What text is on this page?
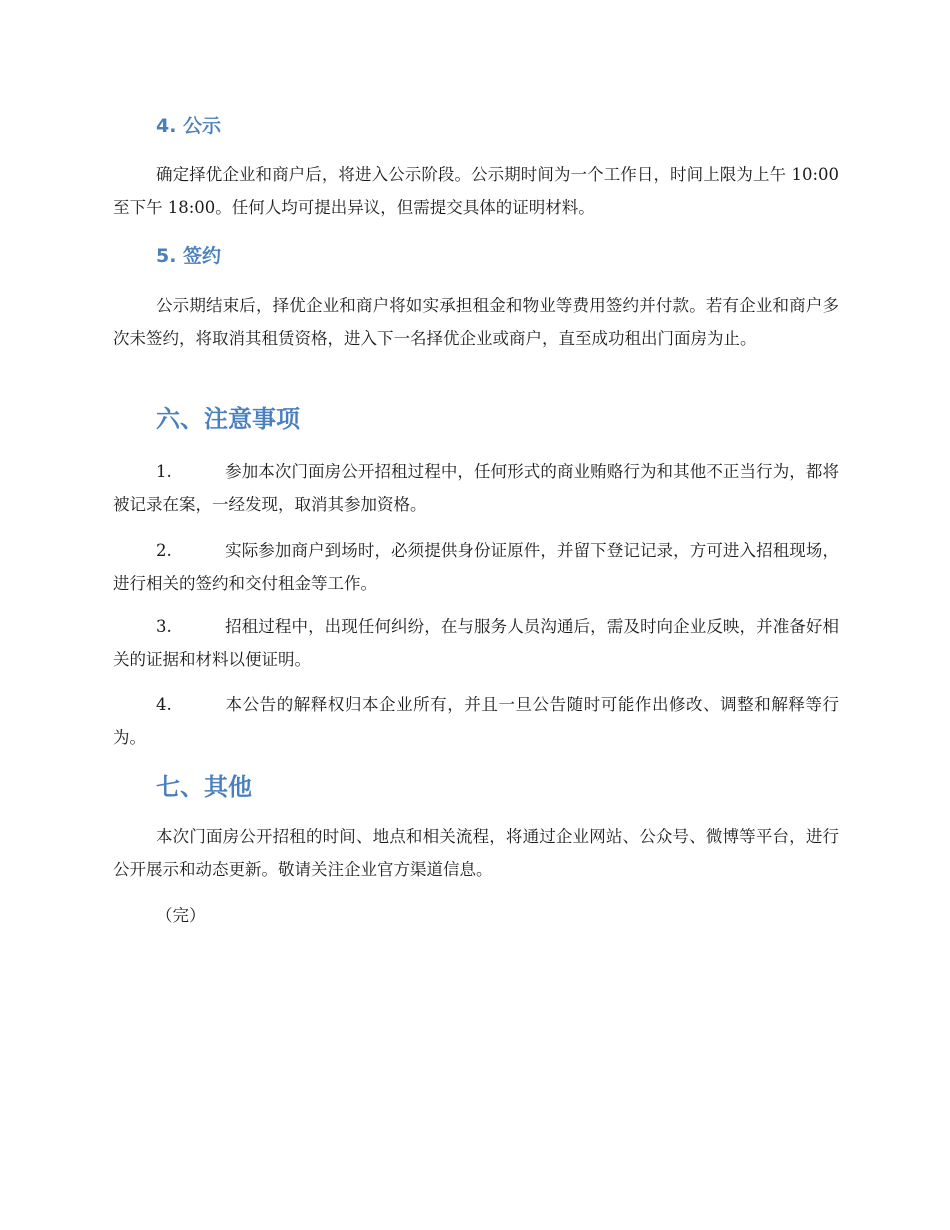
4. 公示

确定择优企业和商户后，将进入公示阶段。公示期时间为一个工作日，时间上限为上午 10:00 至下午 18:00。任何人均可提出异议，但需提交具体的证明材料。

5. 签约

公示期结束后，择优企业和商户将如实承担租金和物业等费用签约并付款。若有企业和商户多次未签约，将取消其租赁资格，进入下一名择优企业或商户，直至成功租出门面房为止。

六、注意事项

1.	参加本次门面房公开招租过程中，任何形式的商业贿赂行为和其他不正当行为，都将被记录在案，一经发现，取消其参加资格。

2.	实际参加商户到场时，必须提供身份证原件，并留下登记记录，方可进入招租现场，进行相关的签约和交付租金等工作。

3.	招租过程中，出现任何纠纷，在与服务人员沟通后，需及时向企业反映，并准备好相关的证据和材料以便证明。

4.	本公告的解释权归本企业所有，并且一旦公告随时可能作出修改、调整和解释等行为。

七、其他

本次门面房公开招租的时间、地点和相关流程，将通过企业网站、公众号、微博等平台，进行公开展示和动态更新。敬请关注企业官方渠道信息。

（完）
